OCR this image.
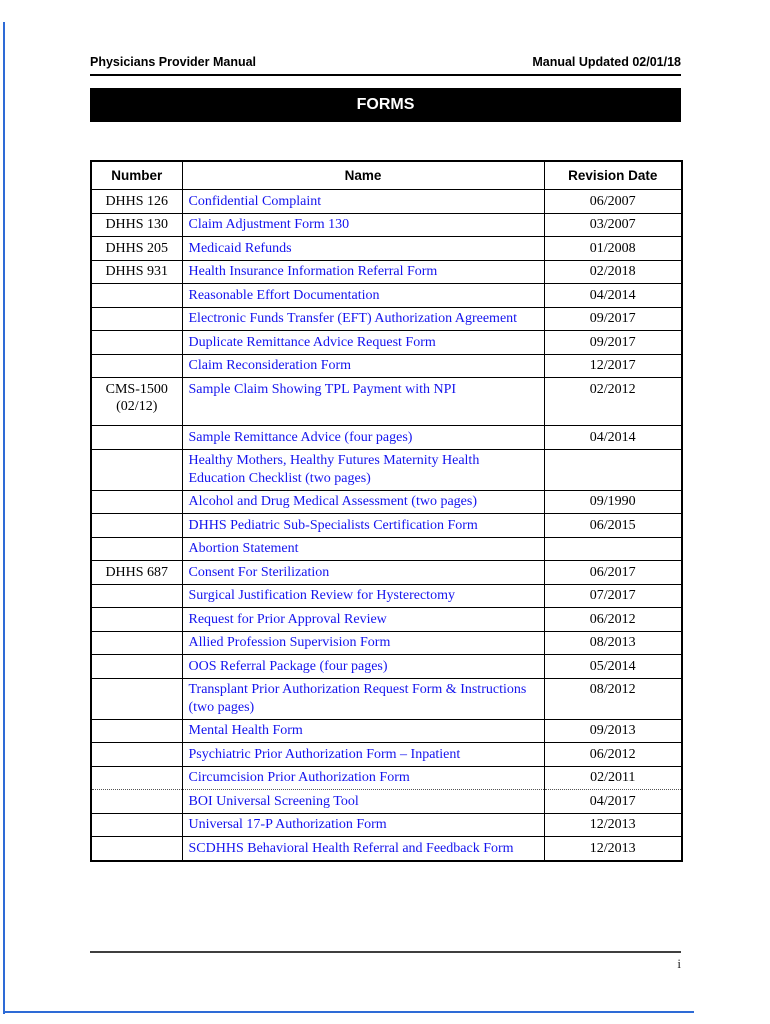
Physicians Provider Manual	Manual Updated 02/01/18
FORMS
Number	Name	Revision Date
DHHS 126	Confidential Complaint	06/2007
DHHS 130	Claim Adjustment Form 130	03/2007
DHHS 205	Medicaid Refunds	01/2008
DHHS 931	Health Insurance Information Referral Form	02/2018
	Reasonable Effort Documentation	04/2014
	Electronic Funds Transfer (EFT) Authorization Agreement	09/2017
	Duplicate Remittance Advice Request Form	09/2017
	Claim Reconsideration Form	12/2017
CMS-1500 (02/12)	Sample Claim Showing TPL Payment with NPI	02/2012
	Sample Remittance Advice (four pages)	04/2014
	Healthy Mothers, Healthy Futures Maternity Health Education Checklist (two pages)	
	Alcohol and Drug Medical Assessment (two pages)	09/1990
	DHHS Pediatric Sub-Specialists Certification Form	06/2015
	Abortion Statement	
DHHS 687	Consent For Sterilization	06/2017
	Surgical Justification Review for Hysterectomy	07/2017
	Request for Prior Approval Review	06/2012
	Allied Profession Supervision Form	08/2013
	OOS Referral Package (four pages)	05/2014
	Transplant Prior Authorization Request Form & Instructions (two pages)	08/2012
	Mental Health Form	09/2013
	Psychiatric Prior Authorization Form – Inpatient	06/2012
	Circumcision Prior Authorization Form	02/2011
	BOI Universal Screening Tool	04/2017
	Universal 17-P Authorization Form	12/2013
	SCDHHS Behavioral Health Referral and Feedback Form	12/2013
i
